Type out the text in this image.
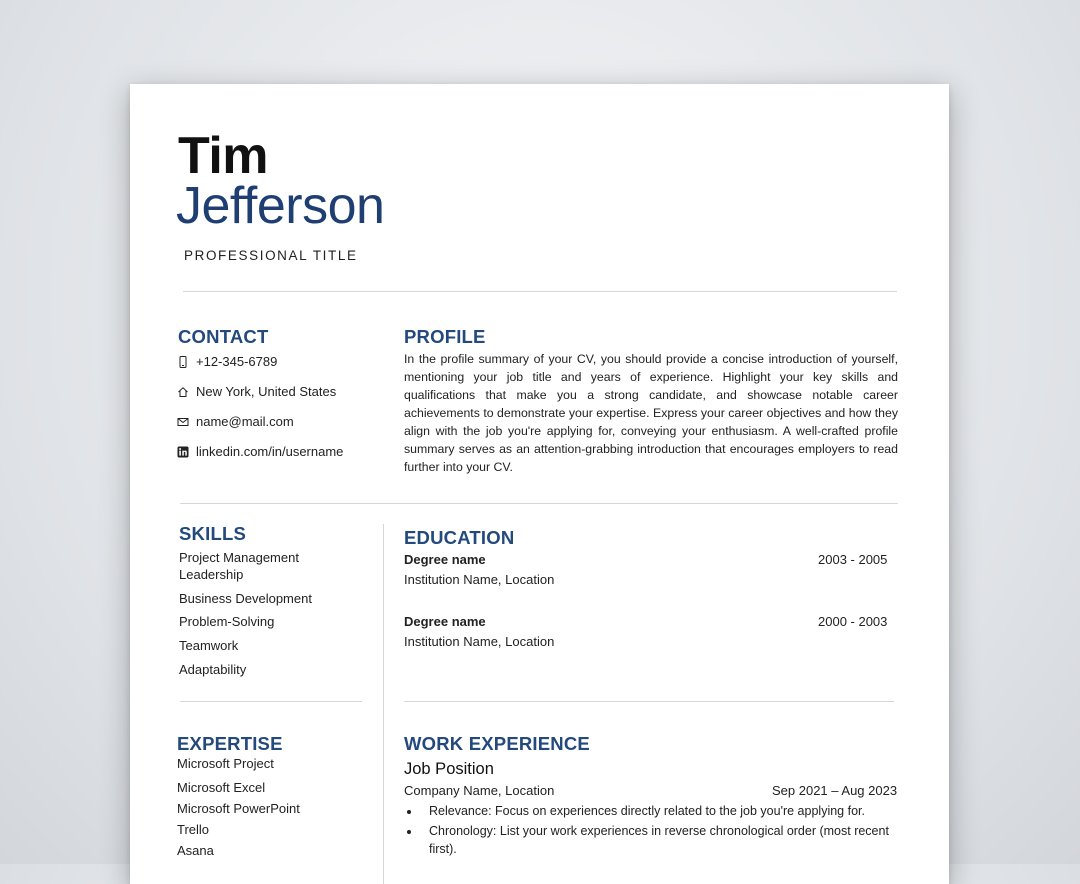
Tim
Jefferson
PROFESSIONAL TITLE
CONTACT
+12-345-6789
New York, United States
name@mail.com
linkedin.com/in/username
PROFILE
In the profile summary of your CV, you should provide a concise introduction of yourself, mentioning your job title and years of experience. Highlight your key skills and qualifications that make you a strong candidate, and showcase notable career achievements to demonstrate your expertise. Express your career objectives and how they align with the job you're applying for, conveying your enthusiasm. A well-crafted profile summary serves as an attention-grabbing introduction that encourages employers to read further into your CV.
SKILLS
Project Management
Leadership
Business Development
Problem-Solving
Teamwork
Adaptability
EDUCATION
Degree name	2003 - 2005
Institution Name, Location
Degree name	2000 - 2003
Institution Name, Location
EXPERTISE
Microsoft Project
Microsoft Excel
Microsoft PowerPoint
Trello
Asana
WORK EXPERIENCE
Job Position
Company Name, Location	Sep 2021 – Aug 2023
Relevance: Focus on experiences directly related to the job you're applying for.
Chronology: List your work experiences in reverse chronological order (most recent first).
